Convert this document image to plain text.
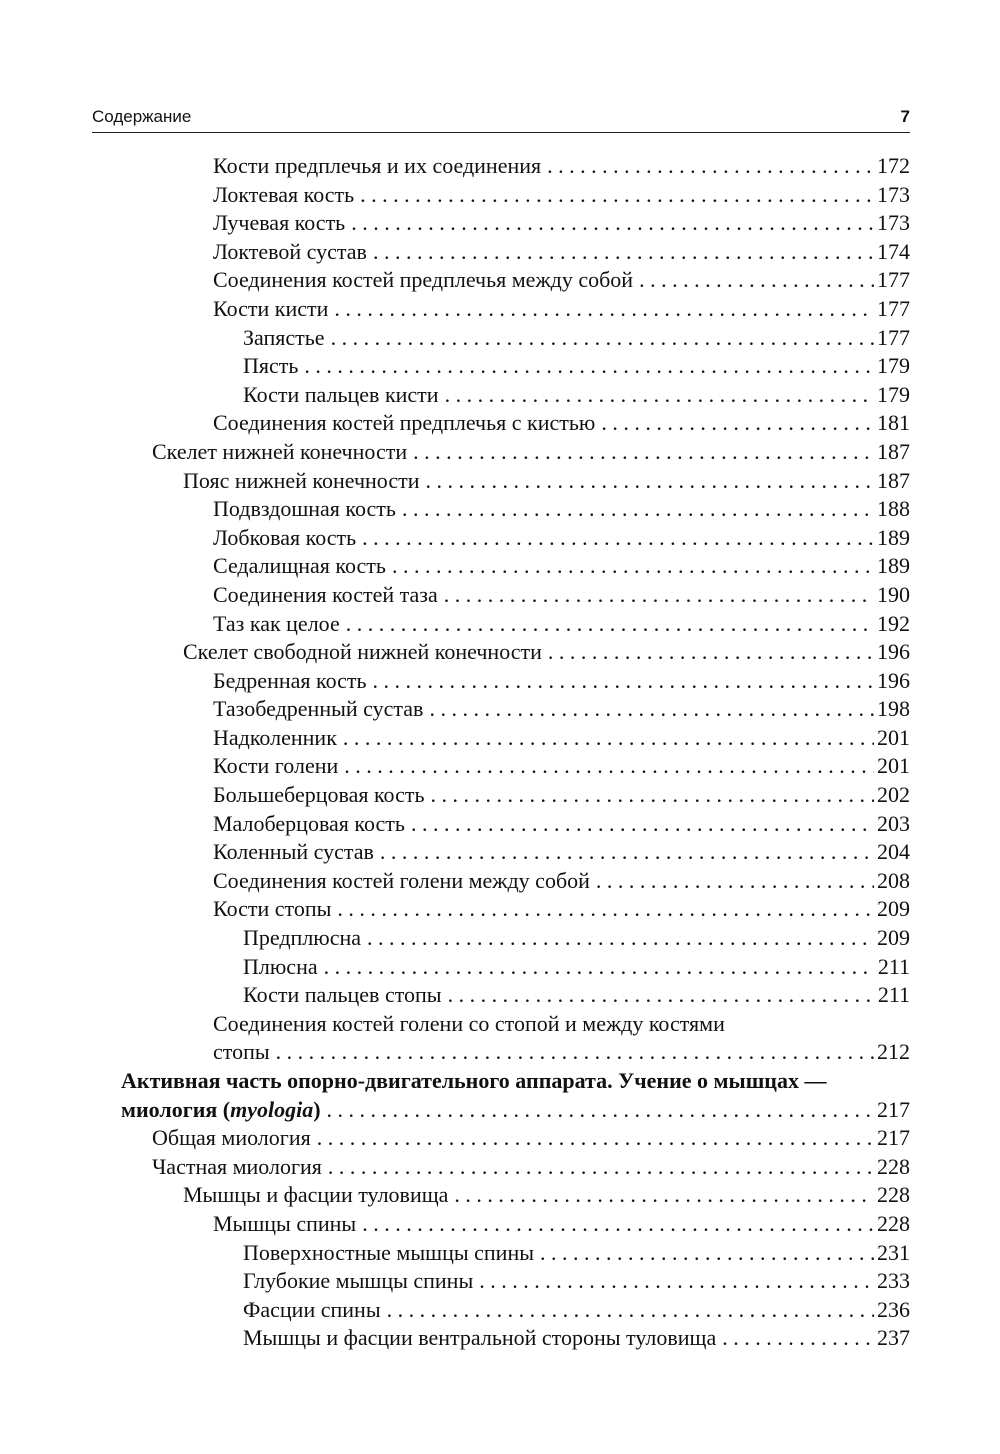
Содержание	7
Кости предплечья и их соединения . . .	172
Локтевая кость . . .	173
Лучевая кость . . .	173
Локтевой сустав . . .	174
Соединения костей предплечья между собой . . .	177
Кости кисти . . .	177
Запястье . . .	177
Пясть . . .	179
Кости пальцев кисти . . .	179
Соединения костей предплечья с кистью . . .	181
Скелет нижней конечности . . .	187
Пояс нижней конечности . . .	187
Подвздошная кость . . .	188
Лобковая кость . . .	189
Седалищная кость . . .	189
Соединения костей таза . . .	190
Таз как целое . . .	192
Скелет свободной нижней конечности . . .	196
Бедренная кость . . .	196
Тазобедренный сустав . . .	198
Надколенник . . .	201
Кости голени . . .	201
Большеберцовая кость . . .	202
Малоберцовая кость . . .	203
Коленный сустав . . .	204
Соединения костей голени между собой . . .	208
Кости стопы . . .	209
Предплюсна . . .	209
Плюсна . . .	211
Кости пальцев стопы . . .	211
Соединения костей голени со стопой и между костями
стопы . . .	212
Активная часть опорно-двигательного аппарата. Учение о мышцах —
миология (myologia) . . .	217
Общая миология . . .	217
Частная миология . . .	228
Мышцы и фасции туловища . . .	228
Мышцы спины . . .	228
Поверхностные мышцы спины . . .	231
Глубокие мышцы спины . . .	233
Фасции спины . . .	236
Мышцы и фасции вентральной стороны туловища . . .	237
